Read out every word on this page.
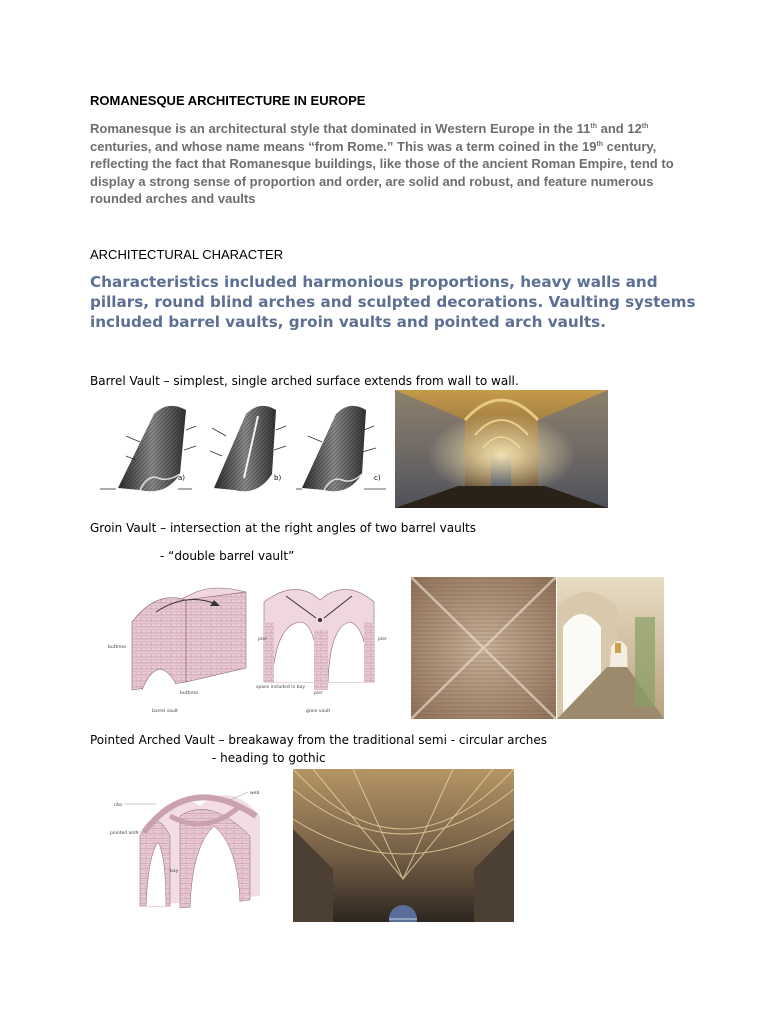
ROMANESQUE ARCHITECTURE IN EUROPE
Romanesque is an architectural style that dominated in Western Europe in the 11th and 12th centuries, and whose name means “from Rome.” This was a term coined in the 19th century, reflecting the fact that Romanesque buildings, like those of the ancient Roman Empire, tend to display a strong sense of proportion and order, are solid and robust, and feature numerous rounded arches and vaults
ARCHITECTURAL CHARACTER
Characteristics included harmonious proportions, heavy walls and pillars, round blind arches and sculpted decorations. Vaulting systems included barrel vaults, groin vaults and pointed arch vaults.
Barrel Vault – simplest, single arched surface extends from wall to wall.
a)	b)	c)
Groin Vault – intersection at the right angles of two barrel vaults
- “double barrel vault”
buttress
buttress
barrel vault
pier	pier
space included in bay
pier
groin vault
Pointed Arched Vault – breakaway from the traditional semi - circular arches
- heading to gothic
ribs
web
pointed arch
bay
